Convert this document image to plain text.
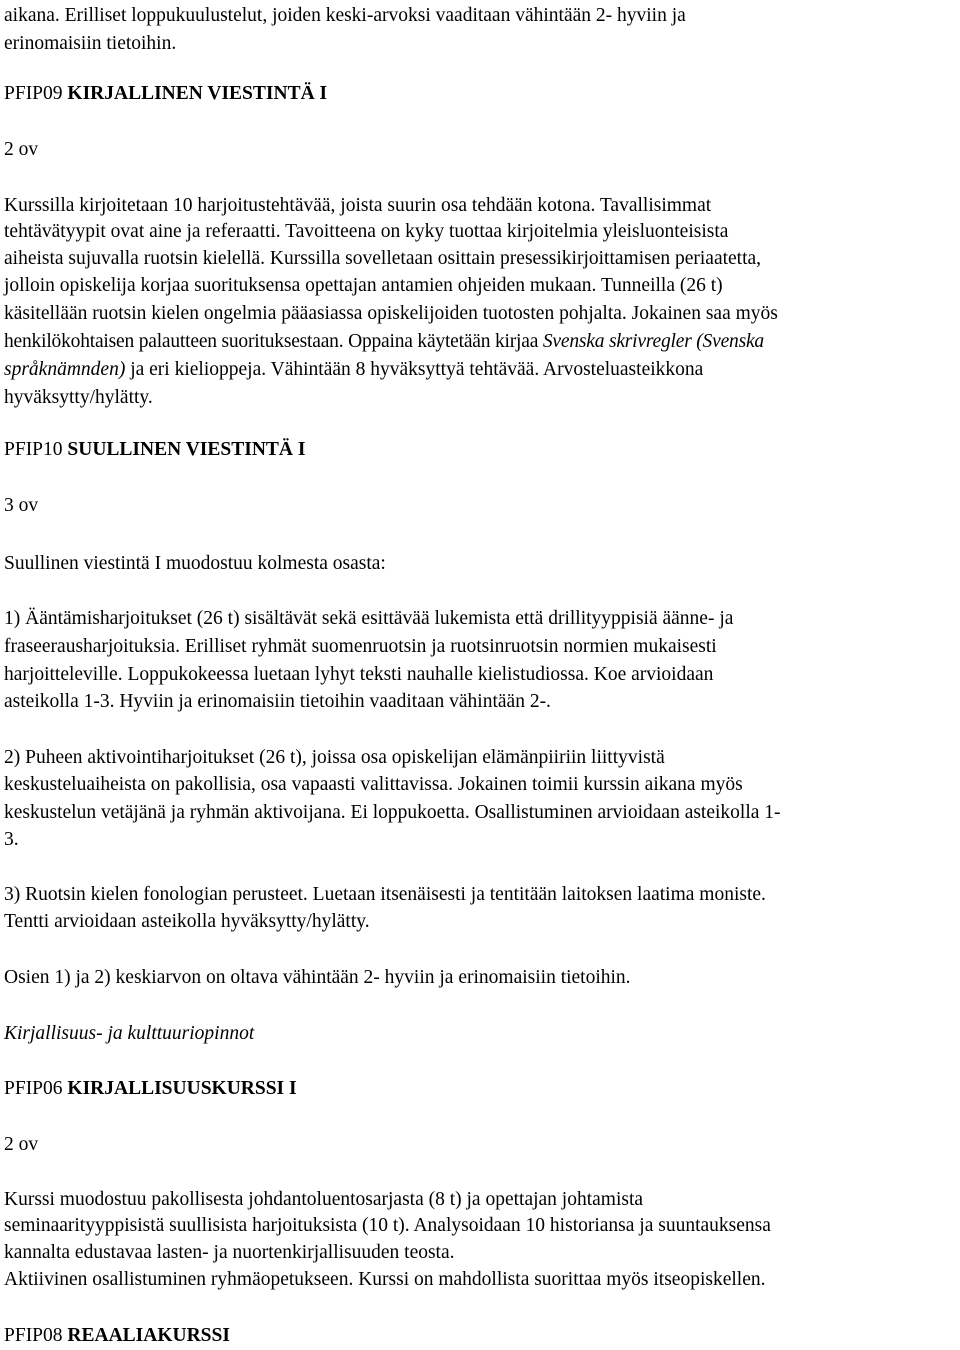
aikana. Erilliset loppukuulustelut, joiden keski-arvoksi vaaditaan vähintään 2- hyviin ja
erinomaisiin tietoihin.
PFIP09 KIRJALLINEN VIESTINTÄ I
2 ov
Kurssilla kirjoitetaan 10 harjoitustehtävää, joista suurin osa tehdään kotona. Tavallisimmat
tehtävätyypit ovat aine ja referaatti. Tavoitteena on kyky tuottaa kirjoitelmia yleisluonteisista
aiheista sujuvalla ruotsin kielellä. Kurssilla sovelletaan osittain presessikirjoittamisen periaatetta,
jolloin opiskelija korjaa suorituksensa opettajan antamien ohjeiden mukaan. Tunneilla (26 t)
käsitellään ruotsin kielen ongelmia pääasiassa opiskelijoiden tuotosten pohjalta. Jokainen saa myös
henkilökohtaisen palautteen suorituksestaan. Oppaina käytetään kirjaa Svenska skrivregler (Svenska
språknämnden) ja eri kielioppeja. Vähintään 8 hyväksyttyä tehtävää. Arvosteluasteikkona
hyväksytty/hylätty.
PFIP10 SUULLINEN VIESTINTÄ I
3 ov
Suullinen viestintä I muodostuu kolmesta osasta:
1) Ääntämisharjoitukset (26 t) sisältävät sekä esittävää lukemista että drillityyppisiä äänne- ja
fraseerausharjoituksia. Erilliset ryhmät suomenruotsin ja ruotsinruotsin normien mukaisesti
harjoitteleville. Loppukokeessa luetaan lyhyt teksti nauhalle kielistudiossa. Koe arvioidaan
asteikolla 1-3. Hyviin ja erinomaisiin tietoihin vaaditaan vähintään 2-.
2) Puheen aktivointiharjoitukset (26 t), joissa osa opiskelijan elämänpiiriin liittyvistä
keskusteluaiheista on pakollisia, osa vapaasti valittavissa. Jokainen toimii kurssin aikana myös
keskustelun vetäjänä ja ryhmän aktivoijana. Ei loppukoetta. Osallistuminen arvioidaan asteikolla 1-
3.
3) Ruotsin kielen fonologian perusteet. Luetaan itsenäisesti ja tentitään laitoksen laatima moniste.
Tentti arvioidaan asteikolla hyväksytty/hylätty.
Osien 1) ja 2) keskiarvon on oltava vähintään 2- hyviin ja erinomaisiin tietoihin.
Kirjallisuus- ja kulttuuriopinnot
PFIP06 KIRJALLISUUSKURSSI I
2 ov
Kurssi muodostuu pakollisesta johdantoluentosarjasta (8 t) ja opettajan johtamista
seminaarityyppisistä suullisista harjoituksista (10 t). Analysoidaan 10 historiansa ja suuntauksensa
kannalta edustavaa lasten- ja nuortenkirjallisuuden teosta.
Aktiivinen osallistuminen ryhmäopetukseen. Kurssi on mahdollista suorittaa myös itseopiskellen.
PFIP08 REAALIAKURSSI
